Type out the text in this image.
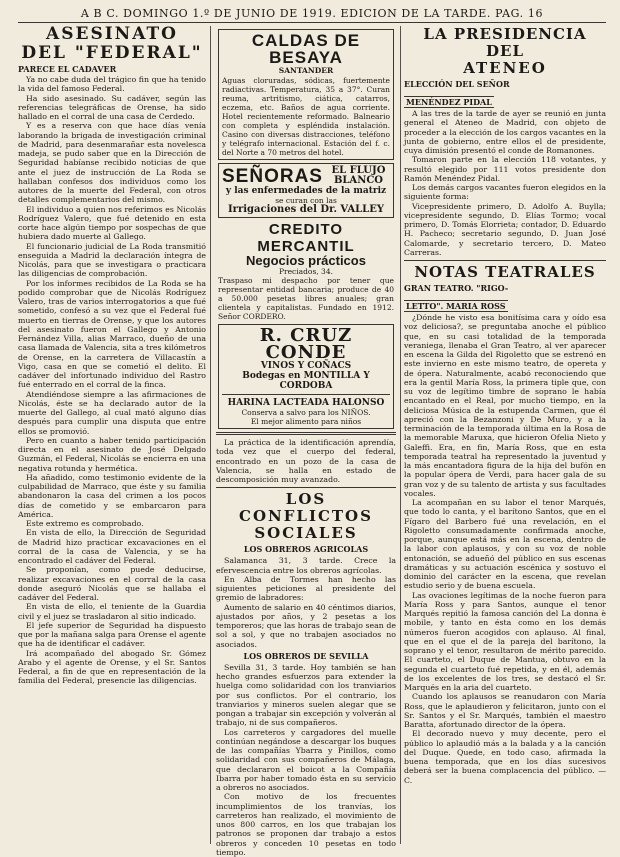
A B C. DOMINGO 1.º DE JUNIO DE 1919. EDICION DE LA TARDE. PAG. 16
ASESINATO
DEL "FEDERAL"
PARECE EL CADAVER

Ya no cabe duda del trágico fin que ha tenido la vida del famoso Federal.

Ha sido asesinado. Su cadáver, según las referencias telegráficas de Orense, ha sido hallado en el corral de una casa de Cerdedo.

Y es a reserva con que hace días venía laborando la brigada de investigación criminal de Madrid, para desenmarañar esta novelesca madeja, se pudo saber que en la Dirección de Seguridad habíanse recibido noticias de que ante el juez de instrucción de La Roda se hallaban confesos dos individuos como los autores de la muerte del Federal, con otros detalles complementarios del mismo.

El individuo a quien nos referimos es Nicolás Rodríguez Valero, que fué detenido en esta corte hace algún tiempo por sospechas de que hubiera dado muerte al Gallego.

El funcionario judicial de La Roda transmitió enseguida a Madrid la declaración íntegra de Nicolás, para que se investigara o practicara las diligencias de comprobación.

Por los informes recibidos de La Roda se ha podido comprobar que de Nicolás Rodríguez Valero, tras de varios interrogatorios a que fué sometido, confesó a su vez que el Federal fué muerto en tierras de Orense, y que los autores del asesinato fueron el Gallego y Antonio Fernández Villa, alias Marraco, dueño de una casa llamada de Valencia, sita a tres kilómetros de Orense, en la carretera de Villacastín a Vigo, casa en que se cometió el delito. El cadáver del infortunado individuo del Rastro fué enterrado en el corral de la finca.

Atendiéndose siempre a las afirmaciones de Nicolás, éste se ha declarado autor de la muerte del Gallego, al cual mató alguno días después para cumplir una disputa que entre ellos se promovió.

Pero en cuanto a haber tenido participación directa en el asesinato de José Delgado Guzmán, el Federal, Nicolás se encierra en una negativa rotunda y hermética.

Ha añadido, como testimonio evidente de la culpabilidad de Marraco, que éste y su familia abandonaron la casa del crimen a los pocos días de cometido y se embarcaron para América.

Este extremo es comprobado.

En vista de ello, la Dirección de Seguridad de Madrid hizo practicar excavaciones en el corral de la casa de Valencia, y se ha encontrado el cadáver del Federal.

Se proponían, como puede deducirse, realizar excavaciones en el corral de la casa donde aseguró Nicolás que se hallaba el cadáver del Federal.

En vista de ello, el teniente de la Guardia civil y el juez se trasladaron al sitio indicado.

El jefe superior de Seguridad ha dispuesto que por la mañana salga para Orense el agente que ha de identificar el cadáver.

Irá acompañado del abogado Sr. Gómez Arabo y el agente de Orense, y el Sr. Santos Federal, a fin de que en representación de la familia del Federal, presencie las diligencias.

CALDAS DE BESAYA
SANTANDER
Aguas cloruradas, sódicas, fuertemente radiactivas. Temperatura, 35 a 37°. Curan reuma, artritismo, ciática, catarros, eczema, etc. Baños de agua corriente. Hotel recientemente reformado. Balneario con completa y espléndida instalación. Casino con diversas distracciones, teléfono y telégrafo internacional. Estación del f. c. del Norte a 70 metros del hotel.
SEÑORAS EL FLUJO BLANCO
y las enfermedades de la matriz
se curan con las
Irrigaciones del Dr. VALLEY
CREDITO MERCANTIL
Negocios prácticos
Preciados, 34.
Traspaso mi despacho por tener que representar entidad bancaria; produce de 40 a 50.000 pesetas libres anuales; gran clientela y capitalistas. Fundado en 1912. Señor CORDERO.
R. CRUZ CONDE
VINOS Y COÑACS
Bodegas en MONTILLA Y CORDOBA
HARINA LACTEADA HALONSO
Conserva a salvo para los NIÑOS.
El mejor alimento para niños

La práctica de la identificación aprendía, toda vez que el cuerpo del federal, encontrado en un pozo de la casa de Valencia, se halla en estado de descomposición muy avanzado.

LOS CONFLICTOS
SOCIALES
LOS OBREROS AGRICOLAS

Salamanca 31, 3 tarde. Crece la efervescencia entre los obreros agrícolas.

En Alba de Tormes han hecho las siguientes peticiones al presidente del gremio de labradores:

Aumento de salario en 40 céntimos diarios, ajustados por años, y 2 pesetas a los temporeros; que las horas de trabajo sean de sol a sol, y que no trabajen asociados no asociados.

LOS OBREROS DE SEVILLA

Sevilla 31, 3 tarde. Hoy también se han hecho grandes esfuerzos para extender la huelga como solidaridad con los tranviarios por sus conflictos. Por el contrario, los tranviarios y mineros suelen alegar que se pongan a trabajar sin excepción y volverán al trabajo, ni de sus compañeros.

Los carreteros y cargadores del muelle continúan negándose a descargar los buques de las compañías Ybarra y Pinillos, como solidaridad con sus compañeros de Málaga, que declararon el boicot a la Compañía Ibarra por haber tomado ésta en su servicio a obreros no asociados.

Con motivo de los frecuentes incumplimientos de los tranvías, los carreteros han realizado, el movimiento de unos 800 carros, en los que trabajan los patronos se proponen dar trabajo a estos obreros y conceden 10 pesetas en todo tiempo.

LA PRESIDENCIA DEL
ATENEO
ELECCIÓN DEL SEÑOR
MENÉNDEZ PIDAL

A las tres de la tarde de ayer se reunió en junta general el Ateneo de Madrid, con objeto de proceder a la elección de los cargos vacantes en la junta de gobierno, entre ellos el de presidente, cuya dimisión presentó el conde de Romanones.

Tomaron parte en la elección 118 votantes, y resultó elegido por 111 votos presidente don Ramón Menéndez Pidal.

Los demás cargos vacantes fueron elegidos en la siguiente forma:

Vicepresidente primero, D. Adolfo A. Buylla; vicepresidente segundo, D. Elías Tormo; vocal primero, D. Tomás Elorrieta; contador, D. Eduardo H. Pacheco; secretario segundo, D. Juan José Calomarde, y secretario tercero, D. Mateo Carreras.

NOTAS TEATRALES
GRAN TEATRO. "RIGO-
LETTO". MARIA ROSS

¿Dónde he visto esa bonitísima cara y oído esa voz deliciosa?, se preguntaba anoche el público que, en su casi totalidad de la temporada veraniega, llenaba el Gran Teatro, al ver aparecer en escena la Gilda del Rigoletto que se estrenó en este invierno en este mismo teatro, de opereta y de ópera. Naturalmente, acabó reconociendo que era la gentil María Ross, la primera tiple que, con su voz de legítimo timbre de soprano le había encantado en el Real, por mucho tiempo, en la deliciosa Música de la estupenda Carmen, que él apreció con la Bezanzoni y De Muro, y a la terminación de la temporada última en la Rosa de la memorable Maruxa, que hicieron Ofelia Nieto y Galeffi. Era, en fin, María Ross, que en esta temporada teatral ha representado la juventud y la más encantadora figura de la hija del bufón en la popular ópera de Verdi, para hacer gala de su gran voz y de su talento de artista y sus facultades vocales.

La acompañan en su labor el tenor Marqués, que todo lo canta, y el barítono Santos, que en el Fígaro del Barbero fué una revelación, en el Rigoletto consumadamente confirmada anoche, porque, aunque está más en la escena, dentro de la labor con aplausos, y con su voz de noble entonación, se adueñó del público en sus escenas dramáticas y su actuación escénica y sostuvo el dominio del carácter en la escena, que revelan estudio serio y de buena escuela.

Las ovaciones legítimas de la noche fueron para María Ross y para Santos, aunque el tenor Marqués repitió la famosa canción del La donna è mobile, y tanto en ésta como en los demás números fueron acogidos con aplauso. Al final, que en el que el de la pareja del barítono, la soprano y el tenor, resultaron de mérito parecido. El cuarteto, el Duque de Mantua, obtuvo en la segunda el cuarteto fué repetida, y en él, además de los excelentes de los tres, se destacó el Sr. Marqués en la aria del cuarteto.

Cuando los aplausos se reanudaron con María Ross, que le aplaudieron y felicitaron, junto con el Sr. Santos y el Sr. Marqués, también el maestro Baratta, afortunado director de la ópera.

El decorado nuevo y muy decente, pero el público lo aplaudió más a la balada y a la canción del Duque. Quede, en todo caso, afirmada la buena temporada, que en los días sucesivos deberá ser la buena complacencia del público. —C.
